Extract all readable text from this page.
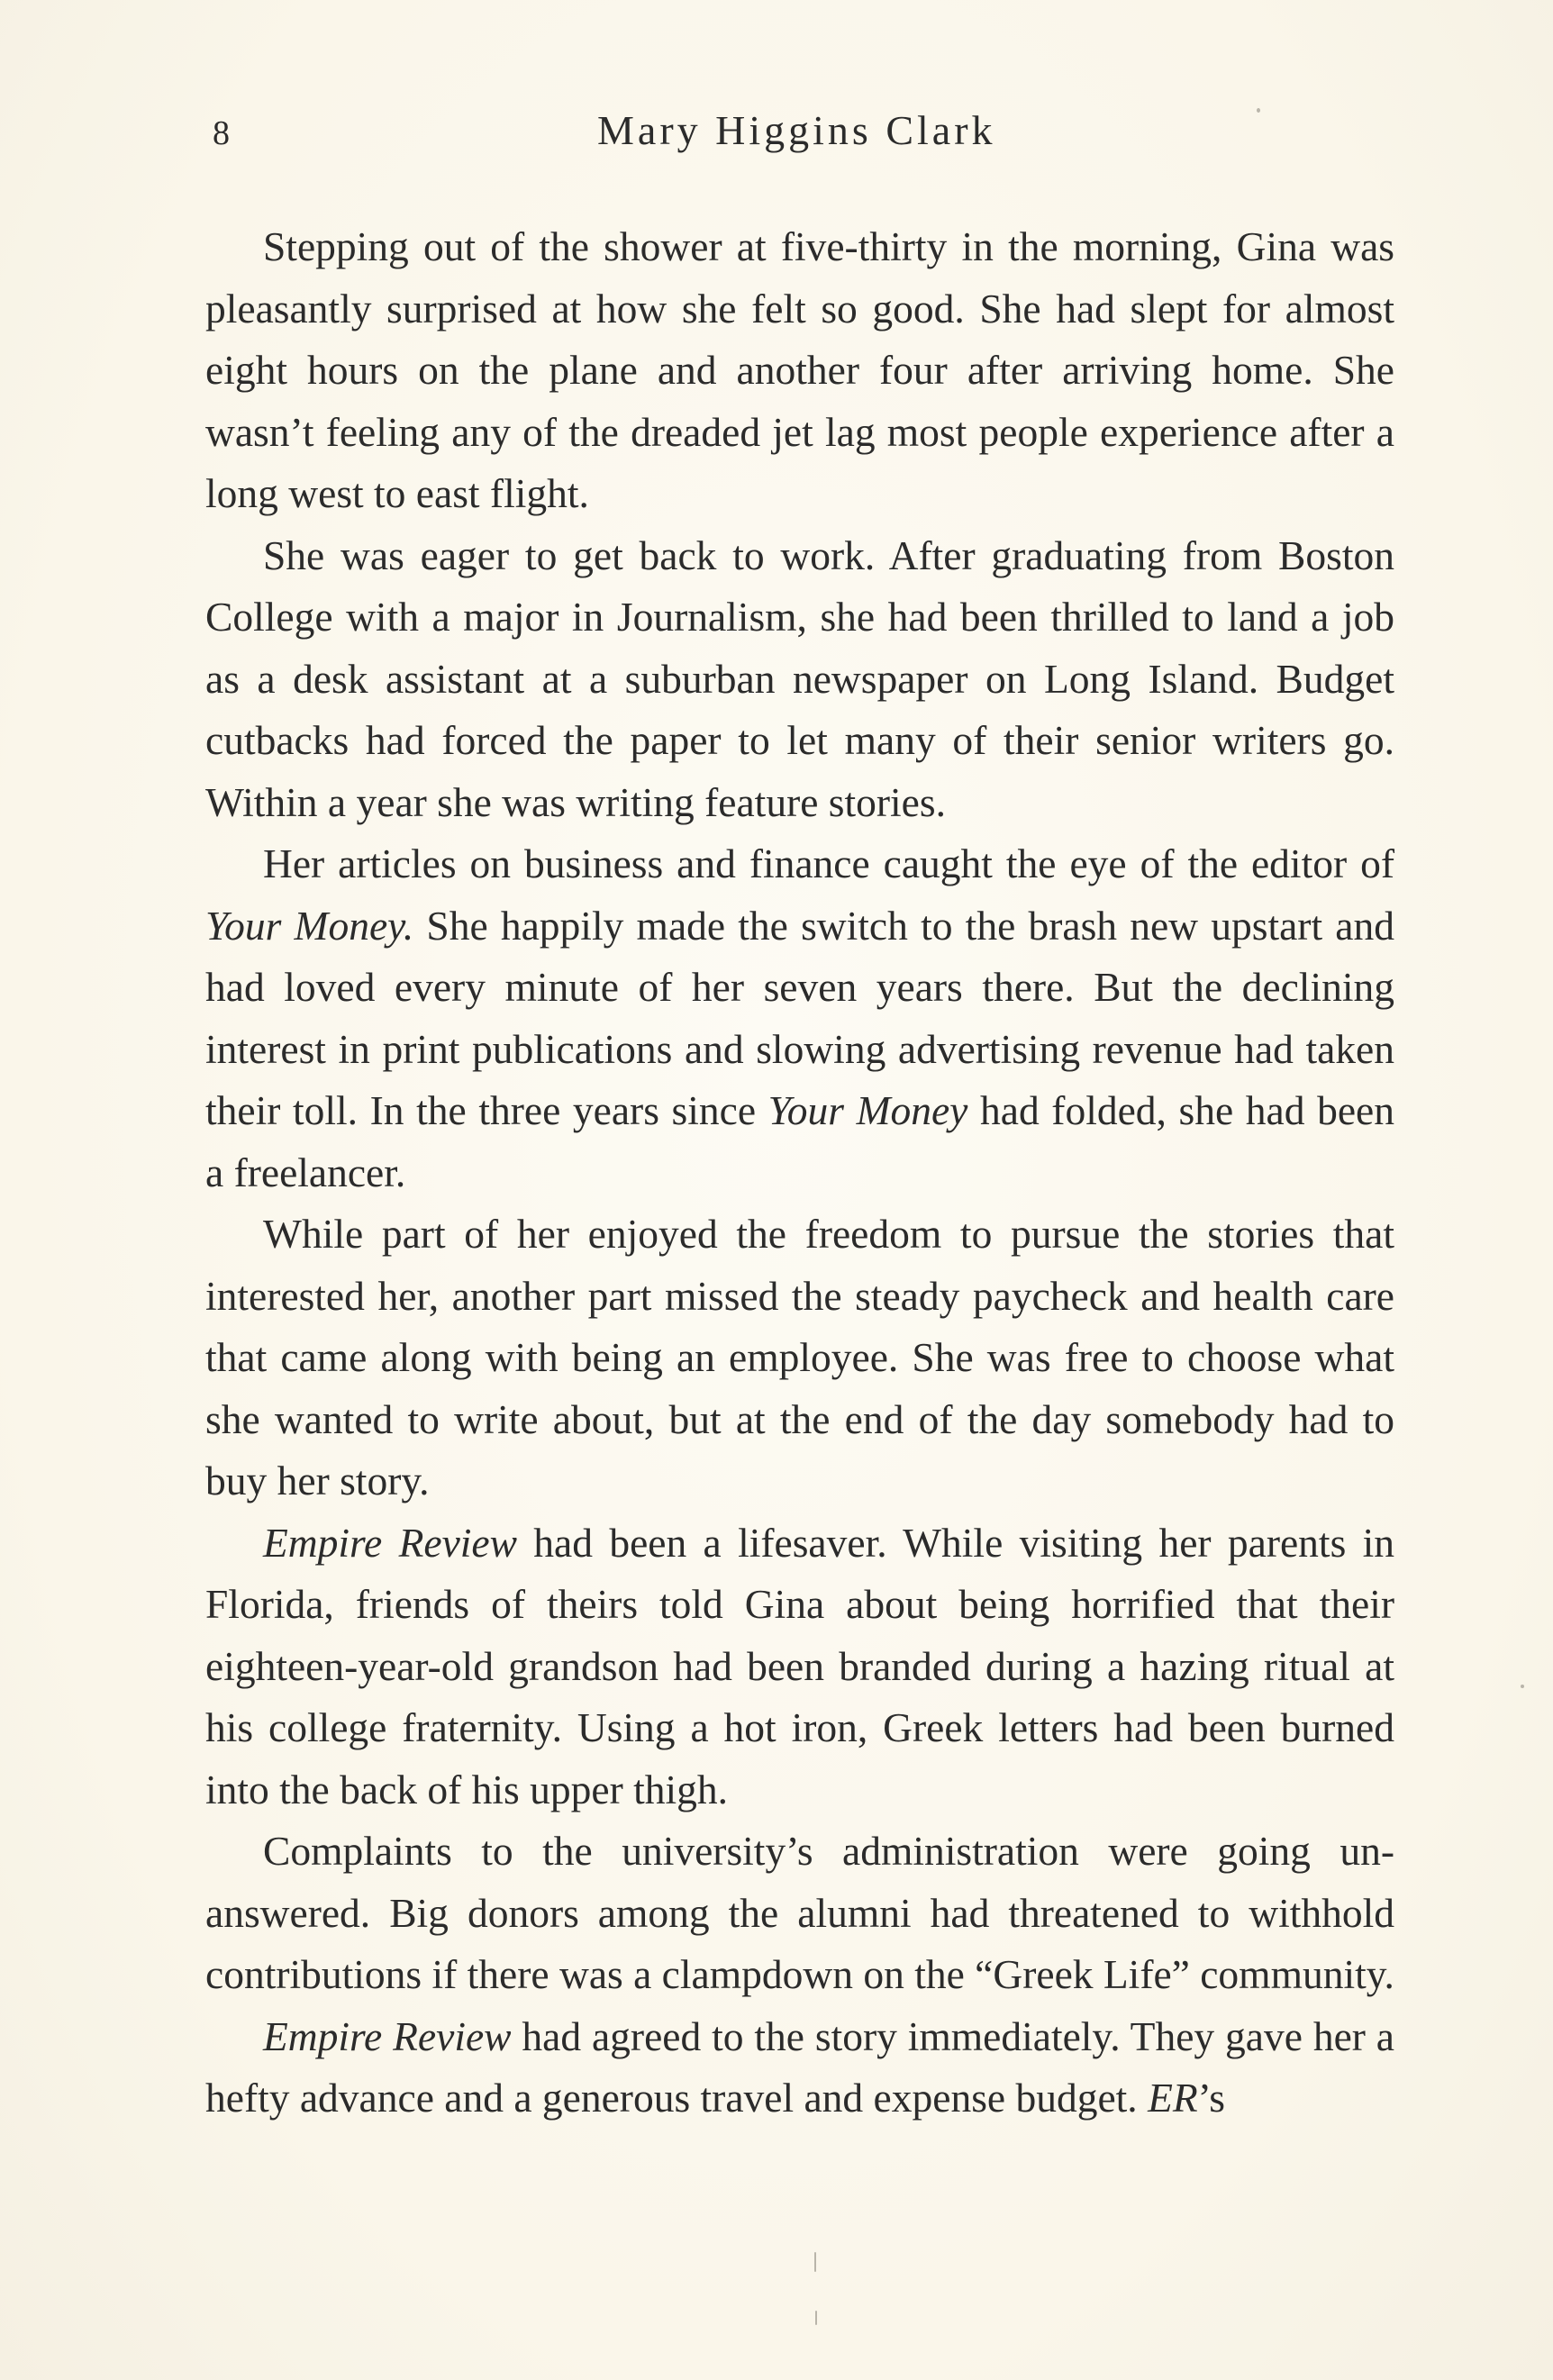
8	Mary Higgins Clark

Stepping out of the shower at five-thirty in the morning, Gina was pleasantly surprised at how she felt so good. She had slept for almost eight hours on the plane and another four after arriving home. She wasn’t feeling any of the dreaded jet lag most people experience after a long west to east flight.

She was eager to get back to work. After graduating from Boston College with a major in Journalism, she had been thrilled to land a job as a desk assistant at a suburban newspaper on Long Island. Budget cutbacks had forced the paper to let many of their senior writers go. Within a year she was writing feature stories.

Her articles on business and finance caught the eye of the editor of Your Money. She happily made the switch to the brash new upstart and had loved every minute of her seven years there. But the declining interest in print publications and slowing advertising revenue had taken their toll. In the three years since Your Money had folded, she had been a freelancer.

While part of her enjoyed the freedom to pursue the stories that interested her, another part missed the steady paycheck and health care that came along with being an employee. She was free to choose what she wanted to write about, but at the end of the day somebody had to buy her story.

Empire Review had been a lifesaver. While visiting her parents in Florida, friends of theirs told Gina about being horrified that their eighteen-year-old grandson had been branded during a hazing ritual at his college fraternity. Using a hot iron, Greek letters had been burned into the back of his upper thigh.

Complaints to the university’s administration were going unanswered. Big donors among the alumni had threatened to withhold contributions if there was a clampdown on the “Greek Life” community.

Empire Review had agreed to the story immediately. They gave her a hefty advance and a generous travel and expense budget. ER’s
